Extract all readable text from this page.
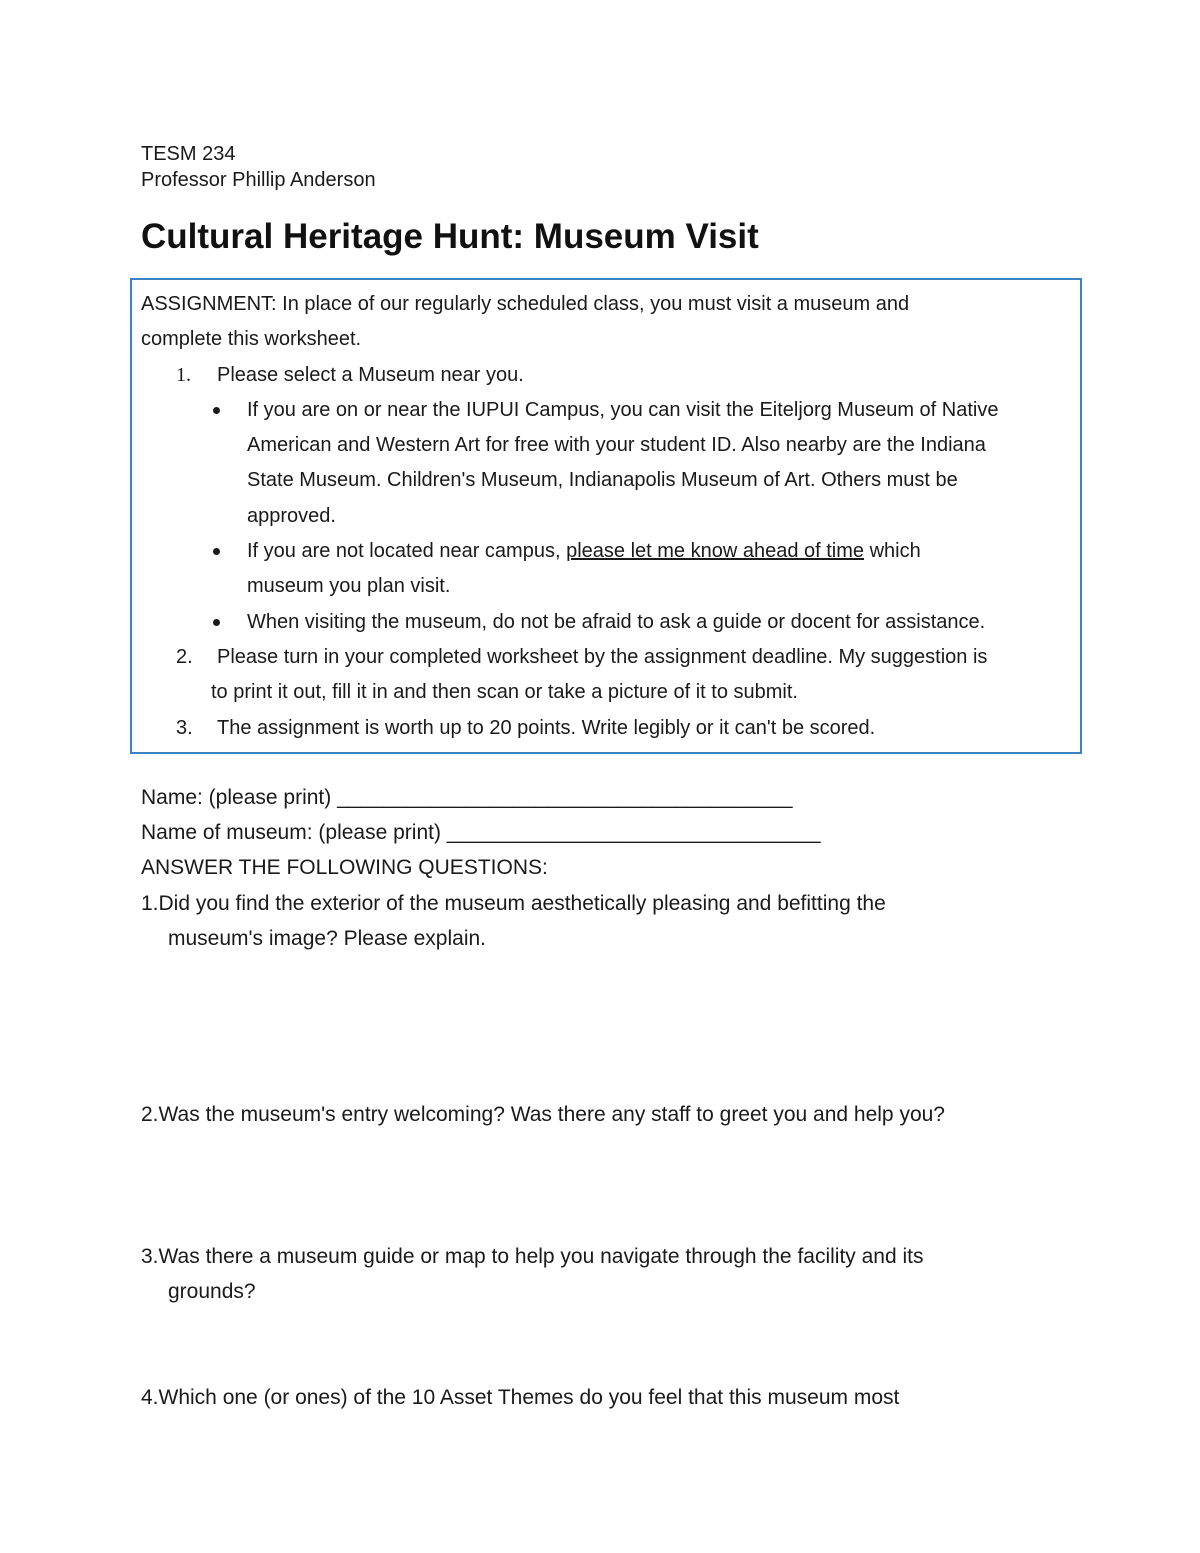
TESM 234
Professor Phillip Anderson
Cultural Heritage Hunt: Museum Visit
ASSIGNMENT: In place of our regularly scheduled class, you must visit a museum and
complete this worksheet.
1. Please select a Museum near you.
If you are on or near the IUPUI Campus, you can visit the Eiteljorg Museum of Native
American and Western Art for free with your student ID. Also nearby are the Indiana
State Museum. Children's Museum, Indianapolis Museum of Art. Others must be
approved.
If you are not located near campus, please let me know ahead of time which
museum you plan visit.
When visiting the museum, do not be afraid to ask a guide or docent for assistance.
2. Please turn in your completed worksheet by the assignment deadline. My suggestion is
to print it out, fill it in and then scan or take a picture of it to submit.
3. The assignment is worth up to 20 points. Write legibly or it can't be scored.
Name: (please print) _______________________________________
Name of museum: (please print) ________________________________
ANSWER THE FOLLOWING QUESTIONS:
1.Did you find the exterior of the museum aesthetically pleasing and befitting the
museum's image? Please explain.
2.Was the museum's entry welcoming? Was there any staff to greet you and help you?
3.Was there a museum guide or map to help you navigate through the facility and its
grounds?
4.Which one (or ones) of the 10 Asset Themes do you feel that this museum most
